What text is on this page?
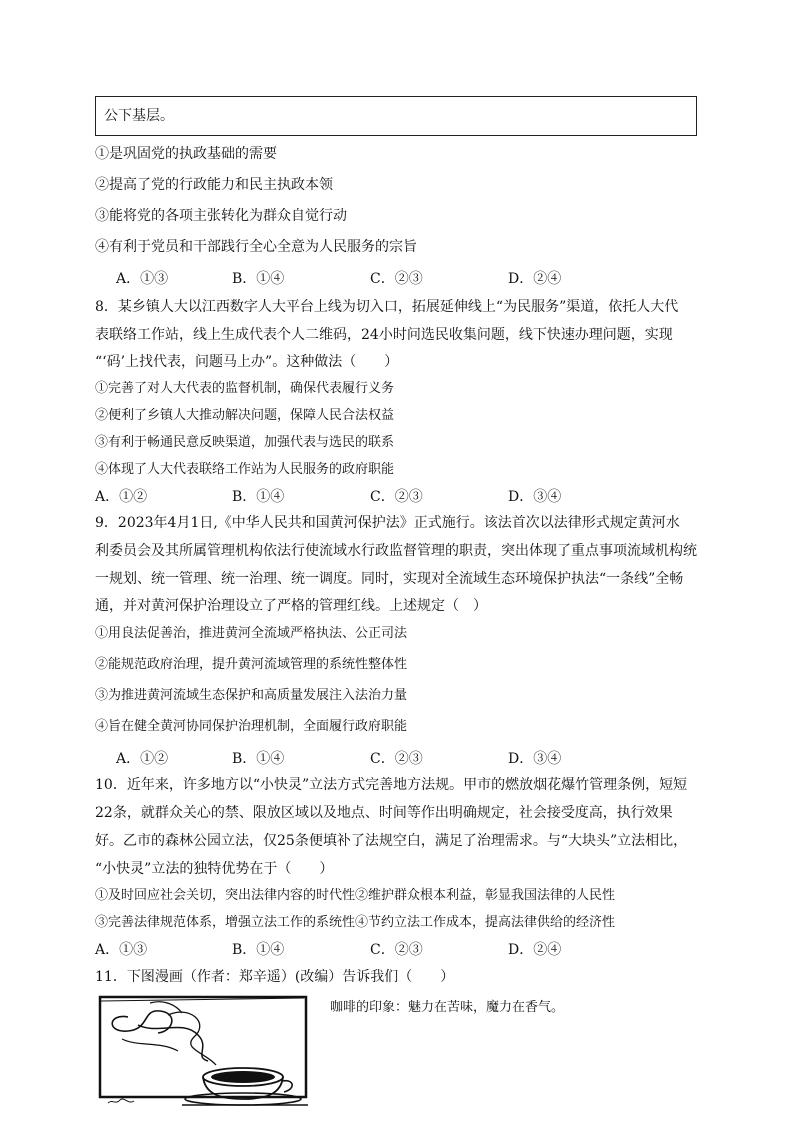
公下基层。
①是巩固党的执政基础的需要
②提高了党的行政能力和民主执政本领
③能将党的各项主张转化为群众自觉行动
④有利于党员和干部践行全心全意为人民服务的宗旨
A．①③	B．①④	C．②③	D．②④
8．某乡镇人大以江西数字人大平台上线为切入口，拓展延伸线上“为民服务”渠道，依托人大代
表联络工作站，线上生成代表个人二维码，24小时问选民收集问题，线下快速办理问题，实现
“‘码’上找代表，问题马上办”。这种做法（　　）
①完善了对人大代表的监督机制，确保代表履行义务
②便利了乡镇人大推动解决问题，保障人民合法权益
③有利于畅通民意反映渠道，加强代表与选民的联系
④体现了人大代表联络工作站为人民服务的政府职能
A．①②	B．①④	C．②③	D．③④
9．2023年4月1日,《中华人民共和国黄河保护法》正式施行。该法首次以法律形式规定黄河水
利委员会及其所属管理机构依法行使流域水行政监督管理的职责，突出体现了重点事项流域机构统
一规划、统一管理、统一治理、统一调度。同时，实现对全流域生态环境保护执法“一条线”全畅
通，并对黄河保护治理设立了严格的管理红线。上述规定（　）
①用良法促善治，推进黄河全流域严格执法、公正司法
②能规范政府治理，提升黄河流域管理的系统性整体性
③为推进黄河流域生态保护和高质量发展注入法治力量
④旨在健全黄河协同保护治理机制，全面履行政府职能
A．①②	B．①④	C．②③	D．③④
10．近年来，许多地方以“小快灵”立法方式完善地方法规。甲市的燃放烟花爆竹管理条例，短短
22条，就群众关心的禁、限放区域以及地点、时间等作出明确规定，社会接受度高，执行效果
好。乙市的森林公园立法，仅25条便填补了法规空白，满足了治理需求。与“大块头”立法相比，
“小快灵”立法的独特优势在于（　　）
①及时回应社会关切，突出法律内容的时代性②维护群众根本利益，彰显我国法律的人民性
③完善法律规范体系，增强立法工作的系统性④节约立法工作成本，提高法律供给的经济性
A．①③	B．①④	C．②③	D．②④
11．下图漫画（作者：郑辛遥）(改编）告诉我们（　　）
咖啡的印象：魅力在苦味，魔力在香气。
